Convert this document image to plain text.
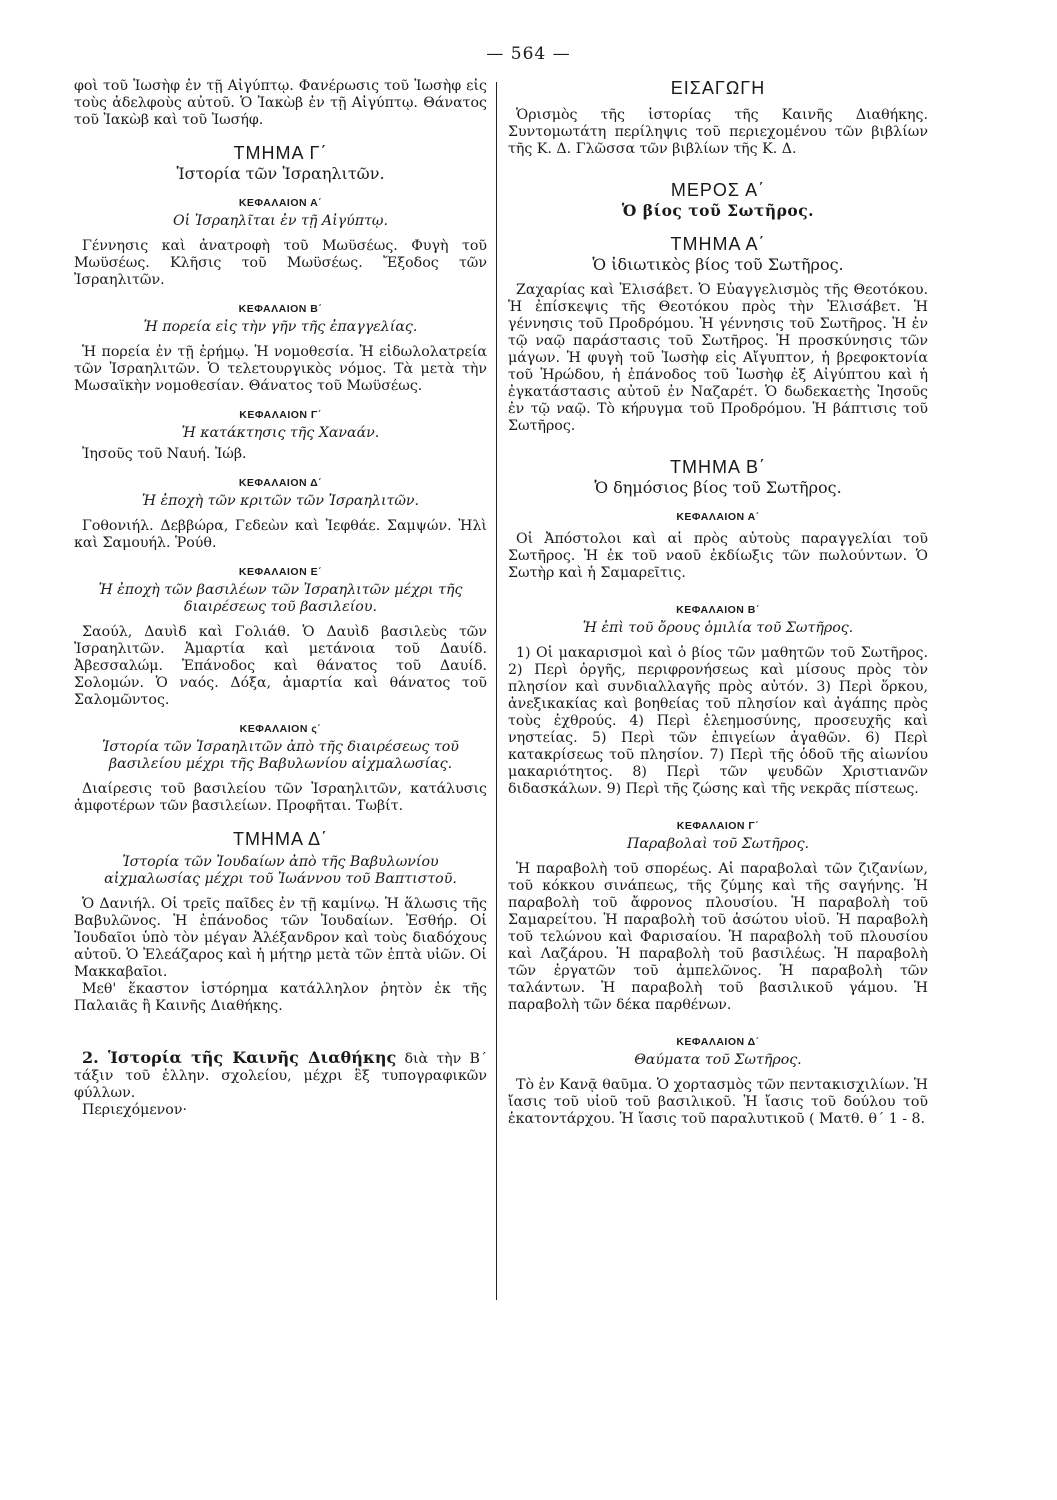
— 564 —

φοὶ τοῦ Ἰωσὴφ ἐν τῇ Αἰγύπτῳ. Φανέρωσις τοῦ Ἰωσὴφ εἰς τοὺς ἀδελφοὺς αὐτοῦ. Ὁ Ἰακὼβ ἐν τῇ Αἰγύπτῳ. Θάνατος τοῦ Ἰακὼβ καὶ τοῦ Ἰωσήφ.

ΤΜΗΜΑ Γ΄

Ἱστορία τῶν Ἰσραηλιτῶν.

ΚΕΦΑΛΑΙΟΝ Α΄

Οἱ Ἰσραηλῖται ἐν τῇ Αἰγύπτῳ.

Γέννησις καὶ ἀνατροφὴ τοῦ Μωϋσέως. Φυγὴ τοῦ Μωϋσέως. Κλῆσις τοῦ Μωϋσέως. Ἔξοδος τῶν Ἰσραηλιτῶν.

ΚΕΦΑΛΑΙΟΝ Β΄

Ἡ πορεία εἰς τὴν γῆν τῆς ἐπαγγελίας.

Ἡ πορεία ἐν τῇ ἐρήμῳ. Ἡ νομοθεσία. Ἡ εἰδωλολατρεία τῶν Ἰσραηλιτῶν. Ὁ τελετουργικὸς νόμος. Τὰ μετὰ τὴν Μωσαϊκὴν νομοθεσίαν. Θάνατος τοῦ Μωϋσέως.

ΚΕΦΑΛΑΙΟΝ Γ΄

Ἡ κατάκτησις τῆς Χαναάν.

Ἰησοῦς τοῦ Ναυή. Ἰώβ.

ΚΕΦΑΛΑΙΟΝ Δ΄

Ἡ ἐποχὴ τῶν κριτῶν τῶν Ἰσραηλιτῶν.

Γοθονιήλ. Δεββώρα, Γεδεὼν καὶ Ἰεφθάε. Σαμψών. Ἠλὶ καὶ Σαμουήλ. Ῥούθ.

ΚΕΦΑΛΑΙΟΝ Ε΄

Ἡ ἐποχὴ τῶν βασιλέων τῶν Ἰσραηλιτῶν μέχρι τῆς διαιρέσεως τοῦ βασιλείου.

Σαούλ, Δαυὶδ καὶ Γολιάθ. Ὁ Δαυὶδ βασιλεὺς τῶν Ἰσραηλιτῶν. Ἁμαρτία καὶ μετάνοια τοῦ Δαυίδ. Ἀβεσσαλώμ. Ἐπάνοδος καὶ θάνατος τοῦ Δαυίδ. Σολομών. Ὁ ναός. Δόξα, ἁμαρτία καὶ θάνατος τοῦ Σαλομῶντος.

ΚΕΦΑΛΑΙΟΝ ς΄

Ἱστορία τῶν Ἰσραηλιτῶν ἀπὸ τῆς διαιρέσεως τοῦ βασιλείου μέχρι τῆς Βαβυλωνίου αἰχμαλωσίας.

Διαίρεσις τοῦ βασιλείου τῶν Ἰσραηλιτῶν, κατάλυσις ἀμφοτέρων τῶν βασιλείων. Προφῆται. Τωβίτ.

ΤΜΗΜΑ Δ΄

Ἱστορία τῶν Ἰουδαίων ἀπὸ τῆς Βαβυλωνίου αἰχμαλωσίας μέχρι τοῦ Ἰωάννου τοῦ Βαπτιστοῦ.

Ὁ Δανιήλ. Οἱ τρεῖς παῖδες ἐν τῇ καμίνῳ. Ἡ ἅλωσις τῆς Βαβυλῶνος. Ἡ ἐπάνοδος τῶν Ἰουδαίων. Ἐσθήρ. Οἱ Ἰουδαῖοι ὑπὸ τὸν μέγαν Ἀλέξανδρον καὶ τοὺς διαδόχους αὐτοῦ. Ὁ Ἐλεάζαρος καὶ ἡ μήτηρ μετὰ τῶν ἑπτὰ υἱῶν. Οἱ Μακκαβαῖοι.

Μεθ' ἕκαστον ἱστόρημα κατάλληλον ῥητὸν ἐκ τῆς Παλαιᾶς ἢ Καινῆς Διαθήκης.

2. Ἱστορία τῆς Καινῆς Διαθήκης διὰ τὴν Β΄ τάξιν τοῦ ἑλλην. σχολείου, μέχρι ἓξ τυπογραφικῶν φύλλων.

Περιεχόμενον·

ΕΙΣΑΓΩΓΗ

Ὁρισμὸς τῆς ἱστορίας τῆς Καινῆς Διαθήκης. Συντομωτάτη περίληψις τοῦ περιεχομένου τῶν βιβλίων τῆς Κ. Δ. Γλῶσσα τῶν βιβλίων τῆς Κ. Δ.

ΜΕΡΟΣ Α΄

Ὁ βίος τοῦ Σωτῆρος.

ΤΜΗΜΑ Α΄

Ὁ ἰδιωτικὸς βίος τοῦ Σωτῆρος.

Ζαχαρίας καὶ Ἐλισάβετ. Ὁ Εὐαγγελισμὸς τῆς Θεοτόκου. Ἡ ἐπίσκεψις τῆς Θεοτόκου πρὸς τὴν Ἐλισάβετ. Ἡ γέννησις τοῦ Προδρόμου. Ἡ γέννησις τοῦ Σωτῆρος. Ἡ ἐν τῷ ναῷ παράστασις τοῦ Σωτῆρος. Ἡ προσκύνησις τῶν μάγων. Ἡ φυγὴ τοῦ Ἰωσὴφ εἰς Αἴγυπτον, ἡ βρεφοκτονία τοῦ Ἡρώδου, ἡ ἐπάνοδος τοῦ Ἰωσὴφ ἐξ Αἰγύπτου καὶ ἡ ἐγκατάστασις αὐτοῦ ἐν Ναζαρέτ. Ὁ δωδεκαετὴς Ἰησοῦς ἐν τῷ ναῷ. Τὸ κήρυγμα τοῦ Προδρόμου. Ἡ βάπτισις τοῦ Σωτῆρος.

ΤΜΗΜΑ Β΄

Ὁ δημόσιος βίος τοῦ Σωτῆρος.

ΚΕΦΑΛΑΙΟΝ Α΄

Οἱ Ἀπόστολοι καὶ αἱ πρὸς αὐτοὺς παραγγελίαι τοῦ Σωτῆρος. Ἡ ἐκ τοῦ ναοῦ ἐκδίωξις τῶν πωλούντων. Ὁ Σωτὴρ καὶ ἡ Σαμαρεῖτις.

ΚΕΦΑΛΑΙΟΝ Β΄

Ἡ ἐπὶ τοῦ ὄρους ὁμιλία τοῦ Σωτῆρος.

1) Οἱ μακαρισμοὶ καὶ ὁ βίος τῶν μαθητῶν τοῦ Σωτῆρος. 2) Περὶ ὀργῆς, περιφρονήσεως καὶ μίσους πρὸς τὸν πλησίον καὶ συνδιαλλαγῆς πρὸς αὐτόν. 3) Περὶ ὅρκου, ἀνεξικακίας καὶ βοηθείας τοῦ πλησίον καὶ ἀγάπης πρὸς τοὺς ἐχθρούς. 4) Περὶ ἐλεημοσύνης, προσευχῆς καὶ νηστείας. 5) Περὶ τῶν ἐπιγείων ἀγαθῶν. 6) Περὶ κατακρίσεως τοῦ πλησίον. 7) Περὶ τῆς ὁδοῦ τῆς αἰωνίου μακαριότητος. 8) Περὶ τῶν ψευδῶν Χριστιανῶν διδασκάλων. 9) Περὶ τῆς ζώσης καὶ τῆς νεκρᾶς πίστεως.

ΚΕΦΑΛΑΙΟΝ Γ΄

Παραβολαὶ τοῦ Σωτῆρος.

Ἡ παραβολὴ τοῦ σπορέως. Αἱ παραβολαὶ τῶν ζιζανίων, τοῦ κόκκου σινάπεως, τῆς ζύμης καὶ τῆς σαγήνης. Ἡ παραβολὴ τοῦ ἄφρονος πλουσίου. Ἡ παραβολὴ τοῦ Σαμαρείτου. Ἡ παραβολὴ τοῦ ἀσώτου υἱοῦ. Ἡ παραβολὴ τοῦ τελώνου καὶ Φαρισαίου. Ἡ παραβολὴ τοῦ πλουσίου καὶ Λαζάρου. Ἡ παραβολὴ τοῦ βασιλέως. Ἡ παραβολὴ τῶν ἐργατῶν τοῦ ἀμπελῶνος. Ἡ παραβολὴ τῶν ταλάντων. Ἡ παραβολὴ τοῦ βασιλικοῦ γάμου. Ἡ παραβολὴ τῶν δέκα παρθένων.

ΚΕΦΑΛΑΙΟΝ Δ΄

Θαύματα τοῦ Σωτῆρος.

Τὸ ἐν Κανᾷ θαῦμα. Ὁ χορτασμὸς τῶν πεντακισχιλίων. Ἡ ἴασις τοῦ υἱοῦ τοῦ βασιλικοῦ. Ἡ ἴασις τοῦ δούλου τοῦ ἑκατοντάρχου. Ἡ ἴασις τοῦ παραλυτικοῦ ( Ματθ. θ΄ 1 - 8.
